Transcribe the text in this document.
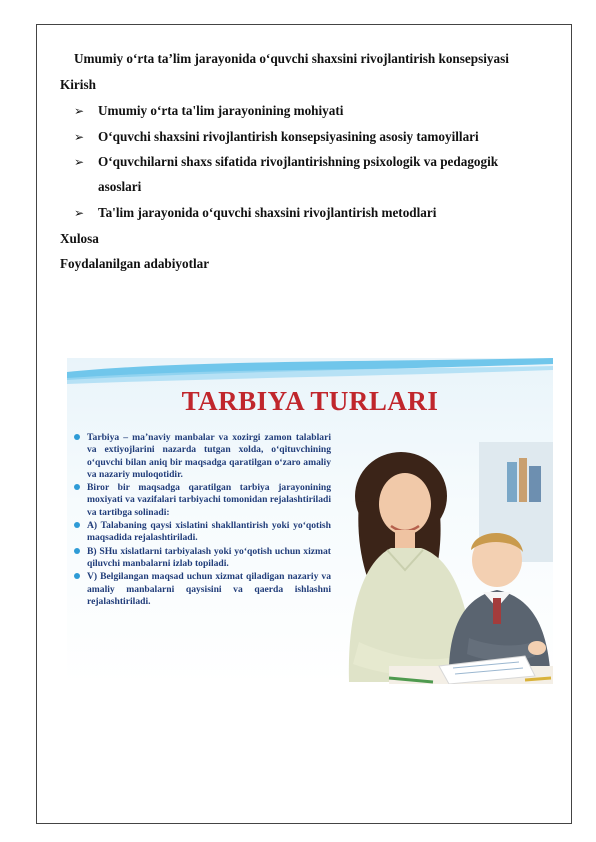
Umumiy o‘rta ta’lim jarayonida o‘quvchi shaxsini rivojlantirish konsepsiyasi
Kirish
➢ Umumiy o‘rta ta'lim jarayonining mohiyati
➢ O‘quvchi shaxsini rivojlantirish konsepsiyasining asosiy tamoyillari
➢ O‘quvchilarni shaxs sifatida rivojlantirishning psixologik va pedagogik
asoslari
➢ Ta'lim jarayonida o‘quvchi shaxsini rivojlantirish metodlari
Xulosa
Foydalanilgan adabiyotlar
TARBIYA TURLARI
Tarbiya – ma’naviy manbalar va xozirgi zamon talablari va extiyojlarini nazarda tutgan xolda, o‘qituvchining o‘quvchi bilan aniq bir maqsadga qaratilgan o‘zaro amaliy va nazariy muloqotidir.
Biror bir maqsadga qaratilgan tarbiya jarayonining moxiyati va vazifalari tarbiyachi tomonidan rejalashtiriladi va tartibga solinadi:
A) Talabaning qaysi xislatini shakllantirish yoki yo‘qotish maqsadida rejalashtiriladi.
B) SHu xislatlarni tarbiyalash yoki yo‘qotish uchun xizmat qiluvchi manbalarni izlab topiladi.
V) Belgilangan maqsad uchun xizmat qiladigan nazariy va amaliy manbalarni qaysisini va qaerda ishlashni rejalashtiriladi.
